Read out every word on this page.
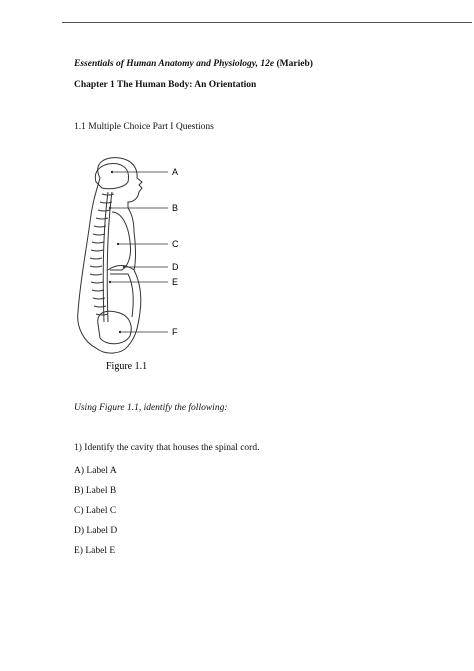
Essentials of Human Anatomy and Physiology, 12e (Marieb)
Chapter 1 The Human Body: An Orientation
1.1 Multiple Choice Part I Questions
A
B
C
D
E
F
Figure 1.1
Using Figure 1.1, identify the following:
1) Identify the cavity that houses the spinal cord.
A) Label A
B) Label B
C) Label C
D) Label D
E) Label E
